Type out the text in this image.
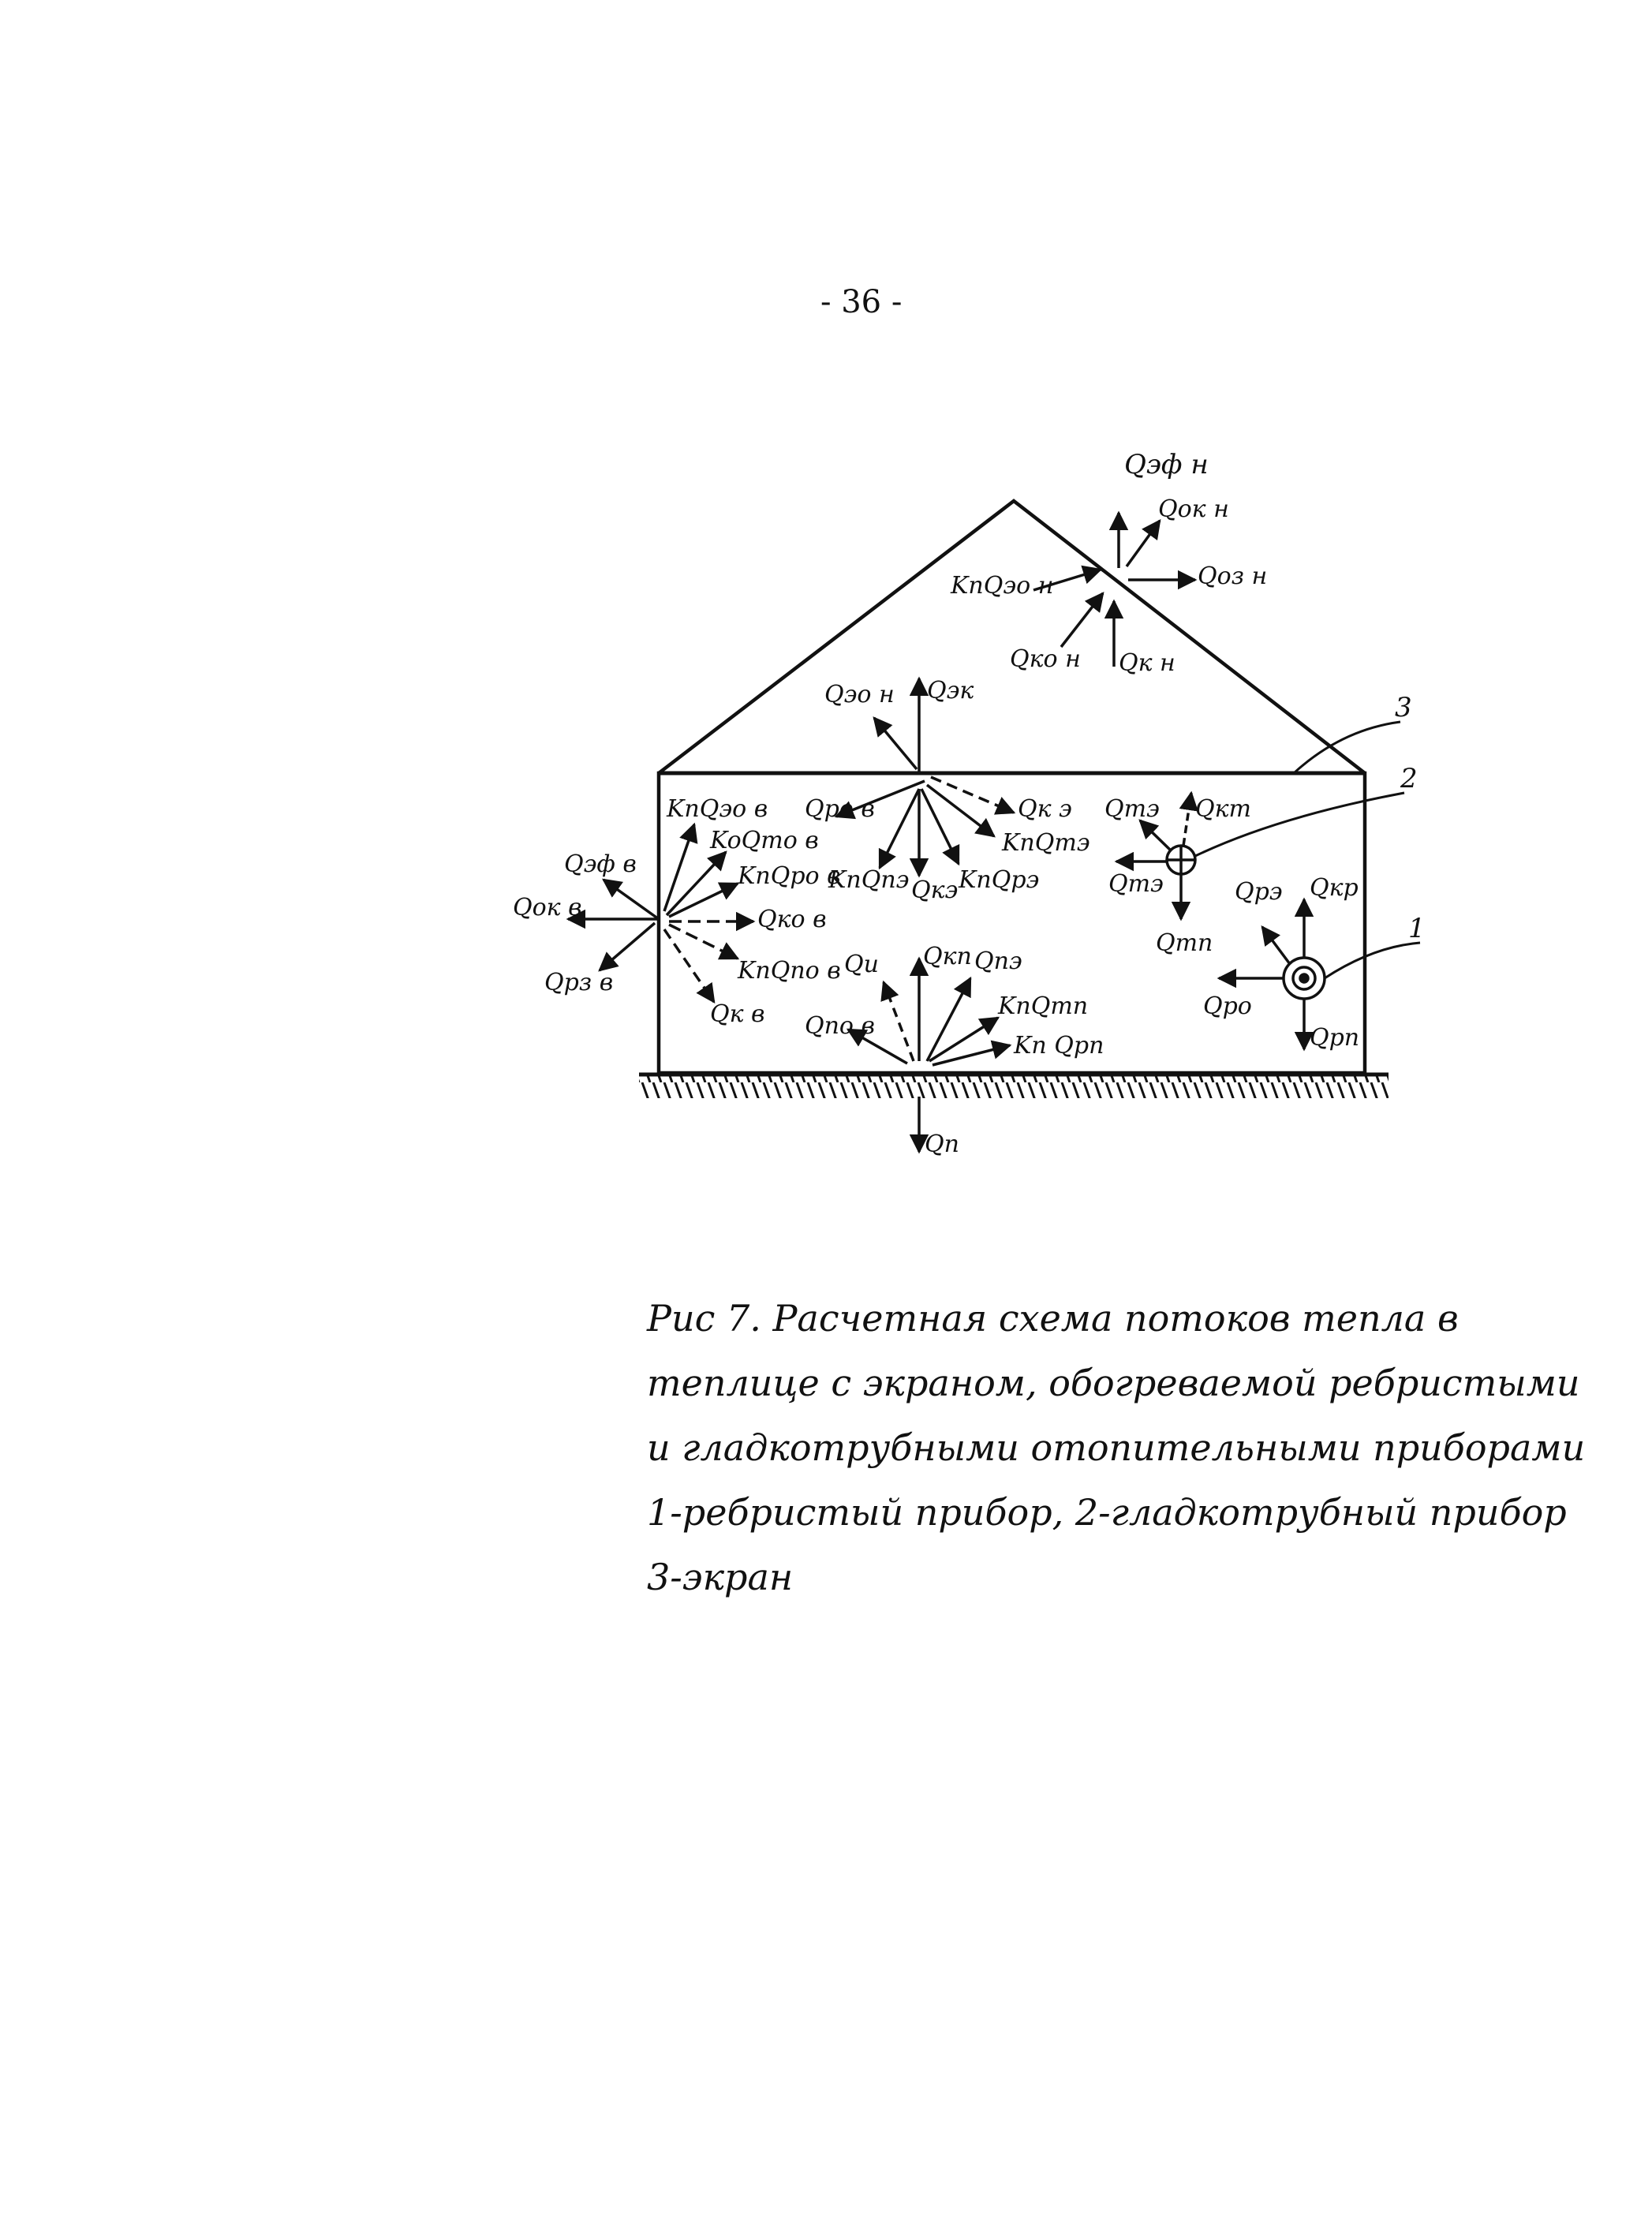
- 36 -
3
2
1
Qэф н
Qок н
Qоз н
KnQэо н
Qко н Qк н
Qэо н Qэк
KnQэо в
KoQто в
KnQро в
Qэф в
Qок в	Qко в
Qрз в	KnQпо в
Qк в
Qро в	Qк э
KnQтэ
KnQпэ Qкэ KnQрэ
Qтэ Qкт
Qтэ
Qтп
Qрэ Qкр
Qро
Qрп
Qи Qкп Qпэ
KnQтп
Qпо в
Kn Qрп
Qп
Рис 7. Расчетная схема потоков тепла в
теплице с экраном, обогреваемой ребристыми
и гладкотрубными отопительными приборами
1-ребристый прибор, 2-гладкотрубный прибор
3-экран
